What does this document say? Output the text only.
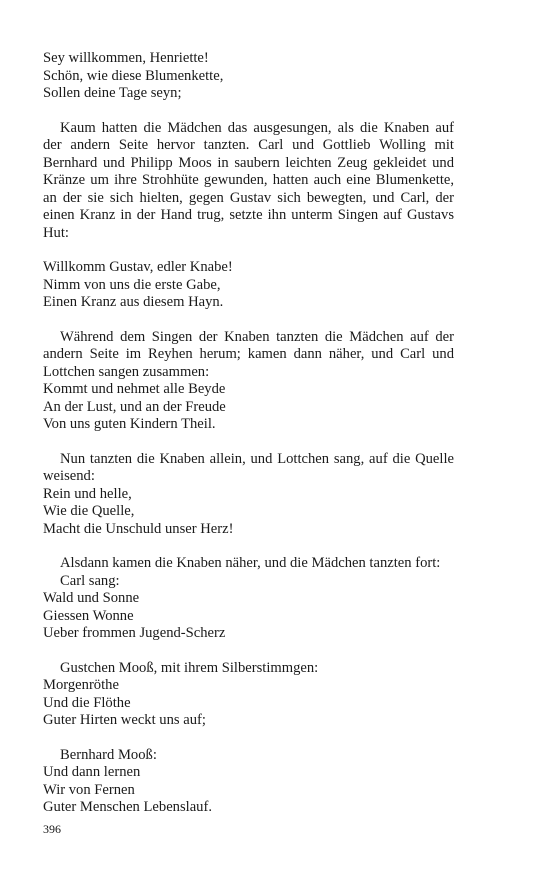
Sey willkommen, Henriette!
Schön, wie diese Blumenkette,
Sollen deine Tage seyn;

Kaum hatten die Mädchen das ausgesungen, als die Knaben auf der andern Seite hervor tanzten. Carl und Gottlieb Wolling mit Bernhard und Philipp Moos in saubern leichten Zeug gekleidet und Kränze um ihre Strohhüte gewunden, hatten auch eine Blumenkette, an der sie sich hielten, gegen Gustav sich bewegten, und Carl, der einen Kranz in der Hand trug, setzte ihn unterm Singen auf Gustavs Hut:

Willkomm Gustav, edler Knabe!
Nimm von uns die erste Gabe,
Einen Kranz aus diesem Hayn.

Während dem Singen der Knaben tanzten die Mädchen auf der andern Seite im Reyhen herum; kamen dann näher, und Carl und Lottchen sangen zusammen:

Kommt und nehmet alle Beyde
An der Lust, und an der Freude
Von uns guten Kindern Theil.

Nun tanzten die Knaben allein, und Lottchen sang, auf die Quelle weisend:

Rein und helle,
Wie die Quelle,
Macht die Unschuld unser Herz!

Alsdann kamen die Knaben näher, und die Mädchen tanzten fort:

Carl sang:
Wald und Sonne
Giessen Wonne
Ueber frommen Jugend-Scherz
Gustchen Mooß, mit ihrem Silberstimmgen:
Morgenröthe
Und die Flöthe
Guter Hirten weckt uns auf;
Bernhard Mooß:
Und dann lernen
Wir von Fernen
Guter Menschen Lebenslauf.
396
